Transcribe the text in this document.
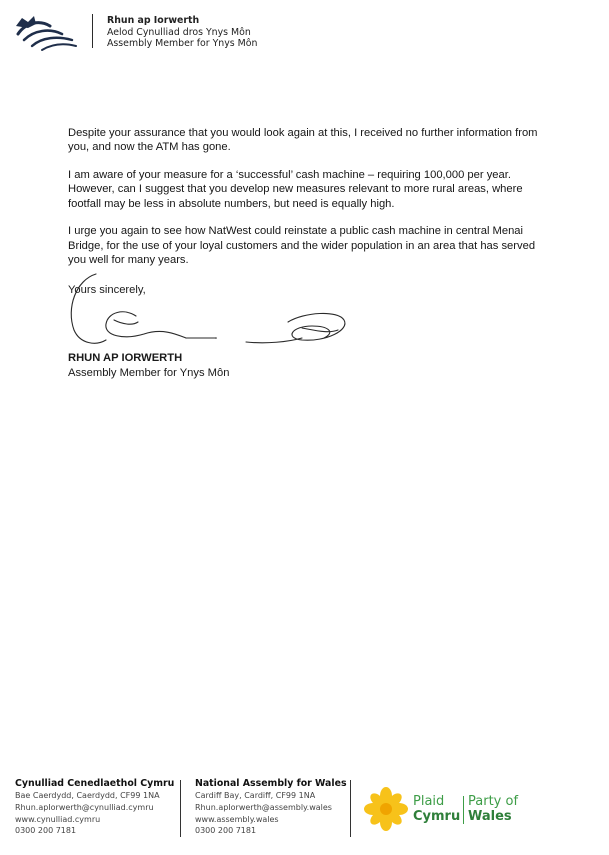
Rhun ap Iorwerth
Aelod Cynulliad dros Ynys Môn
Assembly Member for Ynys Môn

Despite your assurance that you would look again at this, I received no further information from you, and now the ATM has gone.

I am aware of your measure for a ‘successful’ cash machine – requiring 100,000 per year. However, can I suggest that you develop new measures relevant to more rural areas, where footfall may be less in absolute numbers, but need is equally high.

I urge you again to see how NatWest could reinstate a public cash machine in central Menai Bridge, for the use of your loyal customers and the wider population in an area that has served you well for many years.

Yours sincerely,
RHUN AP IORWERTH
Assembly Member for Ynys Môn
Cynulliad Cenedlaethol Cymru
Bae Caerdydd, Caerdydd, CF99 1NA
Rhun.apIorwerth@cynulliad.cymru
www.cynulliad.cymru
0300 200 7181
National Assembly for Wales
Cardiff Bay, Cardiff, CF99 1NA
Rhun.apIorwerth@assembly.wales
www.assembly.wales
0300 200 7181
Plaid
Cymru
Party of
Wales
